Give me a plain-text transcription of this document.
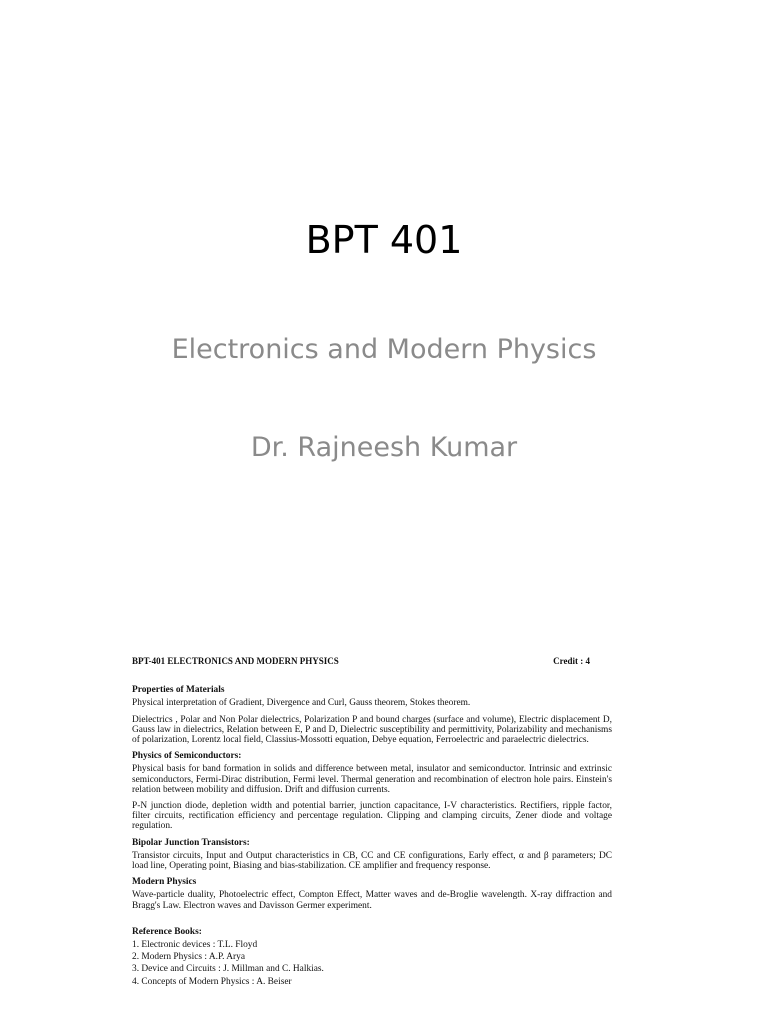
BPT 401
Electronics and Modern Physics
Dr. Rajneesh Kumar
BPT-401 ELECTRONICS AND MODERN PHYSICS	Credit : 4
Properties of Materials
Physical interpretation of Gradient, Divergence and Curl, Gauss theorem, Stokes theorem.
Dielectrics , Polar and Non Polar dielectrics, Polarization P and bound charges (surface and volume), Electric displacement D, Gauss law in dielectrics, Relation between E, P and D, Dielectric susceptibility and permittivity, Polarizability and mechanisms of polarization, Lorentz local field, Classius-Mossotti equation, Debye equation, Ferroelectric and paraelectric dielectrics.
Physics of Semiconductors:
Physical basis for band formation in solids and difference between metal, insulator and semiconductor. Intrinsic and extrinsic semiconductors, Fermi-Dirac distribution, Fermi level. Thermal generation and recombination of electron hole pairs. Einstein's relation between mobility and diffusion. Drift and diffusion currents.
P-N junction diode, depletion width and potential barrier, junction capacitance, I-V characteristics. Rectifiers, ripple factor, filter circuits, rectification efficiency and percentage regulation. Clipping and clamping circuits, Zener diode and voltage regulation.
Bipolar Junction Transistors:
Transistor circuits, Input and Output characteristics in CB, CC and CE configurations, Early effect, α and β parameters; DC load line, Operating point, Biasing and bias-stabilization. CE amplifier and frequency response.
Modern Physics
Wave-particle duality, Photoelectric effect, Compton Effect, Matter waves and de-Broglie wavelength. X-ray diffraction and Bragg's Law. Electron waves and Davisson Germer experiment.
Reference Books:
1. Electronic devices : T.L. Floyd
2. Modern Physics : A.P. Arya
3. Device and Circuits : J. Millman and C. Halkias.
4. Concepts of Modern Physics : A. Beiser
